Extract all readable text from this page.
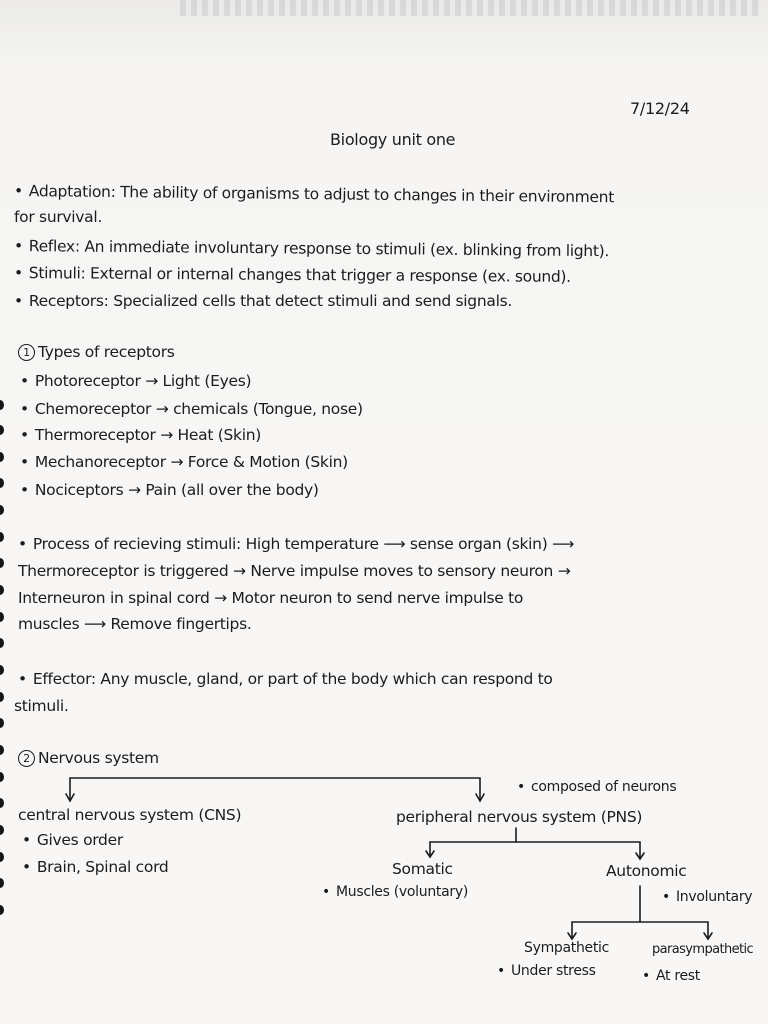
7/12/24
Biology unit one
• Adaptation: The ability of organisms to adjust to changes in their environment
for survival.
• Reflex: An immediate involuntary response to stimuli (ex. blinking from light).
• Stimuli: External or internal changes that trigger a response (ex. sound).
• Receptors: Specialized cells that detect stimuli and send signals.
1 Types of receptors
• Photoreceptor → Light (Eyes)
• Chemoreceptor → chemicals (Tongue, nose)
• Thermoreceptor → Heat (Skin)
• Mechanoreceptor → Force & Motion (Skin)
• Nociceptors → Pain (all over the body)
• Process of recieving stimuli: High temperature ⟶ sense organ (skin) ⟶
Thermoreceptor is triggered → Nerve impulse moves to sensory neuron →
Interneuron in spinal cord → Motor neuron to send nerve impulse to
muscles ⟶ Remove fingertips.
• Effector: Any muscle, gland, or part of the body which can respond to
stimuli.
2 Nervous system
• composed of neurons
central nervous system (CNS)	peripheral nervous system (PNS)
• Gives order
• Brain, Spinal cord	Somatic	Autonomic
• Muscles (voluntary)	• Involuntary
Sympathetic	parasympathetic
• Under stress	• At rest
